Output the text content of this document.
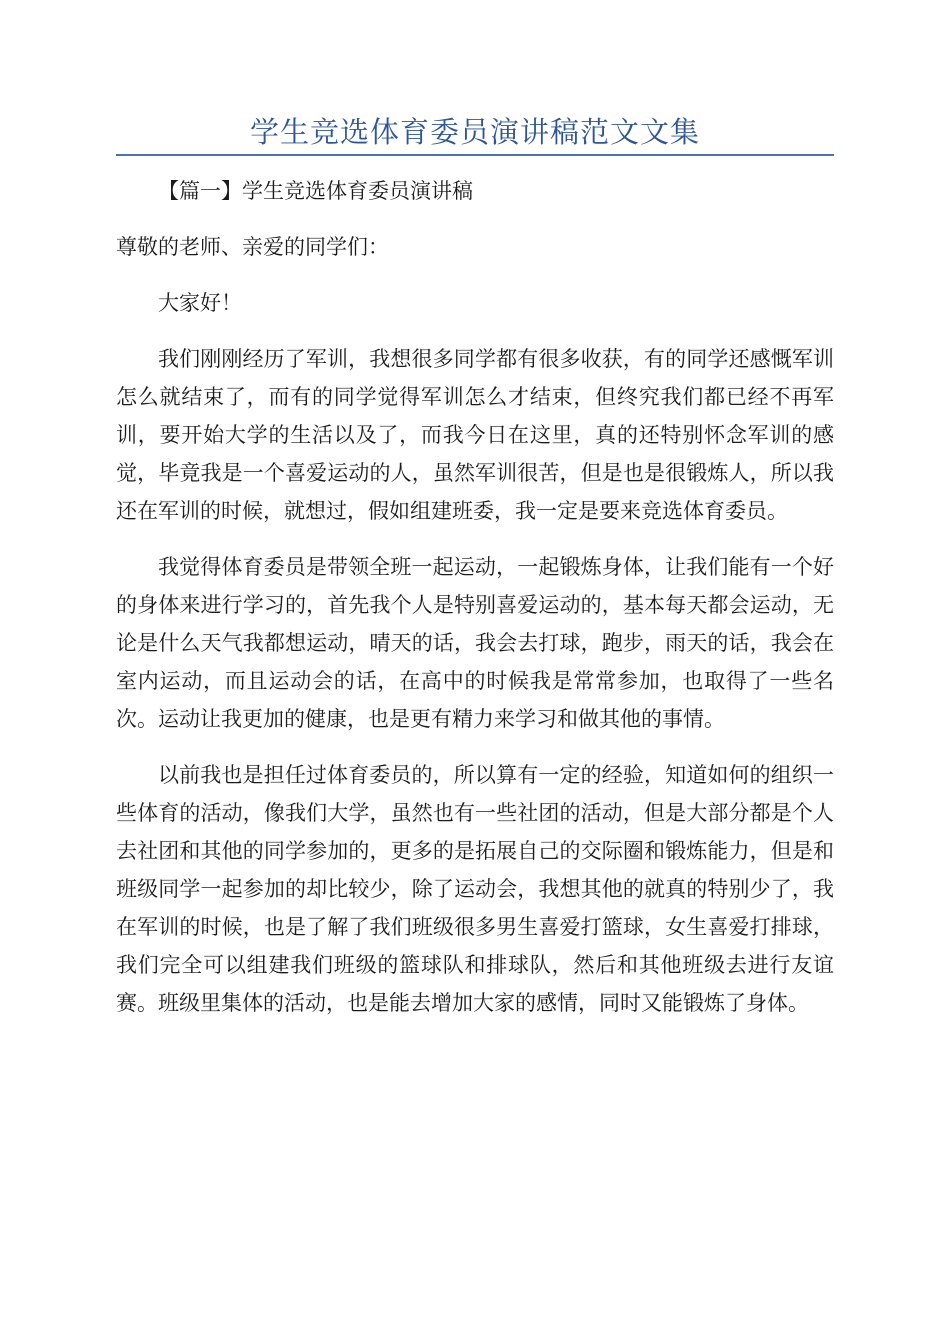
学生竞选体育委员演讲稿范文文集

【篇一】学生竞选体育委员演讲稿

尊敬的老师、亲爱的同学们：

大家好！

我们刚刚经历了军训，我想很多同学都有很多收获，有的同学还感慨军训怎么就结束了，而有的同学觉得军训怎么才结束，但终究我们都已经不再军训，要开始大学的生活以及了，而我今日在这里，真的还特别怀念军训的感觉，毕竟我是一个喜爱运动的人，虽然军训很苦，但是也是很锻炼人，所以我还在军训的时候，就想过，假如组建班委，我一定是要来竞选体育委员。

我觉得体育委员是带领全班一起运动，一起锻炼身体，让我们能有一个好的身体来进行学习的，首先我个人是特别喜爱运动的，基本每天都会运动，无论是什么天气我都想运动，晴天的话，我会去打球，跑步，雨天的话，我会在室内运动，而且运动会的话，在高中的时候我是常常参加，也取得了一些名次。运动让我更加的健康，也是更有精力来学习和做其他的事情。

以前我也是担任过体育委员的，所以算有一定的经验，知道如何的组织一些体育的活动，像我们大学，虽然也有一些社团的活动，但是大部分都是个人去社团和其他的同学参加的，更多的是拓展自己的交际圈和锻炼能力，但是和班级同学一起参加的却比较少，除了运动会，我想其他的就真的特别少了，我在军训的时候，也是了解了我们班级很多男生喜爱打篮球，女生喜爱打排球，我们完全可以组建我们班级的篮球队和排球队，然后和其他班级去进行友谊赛。班级里集体的活动，也是能去增加大家的感情，同时又能锻炼了身体。
